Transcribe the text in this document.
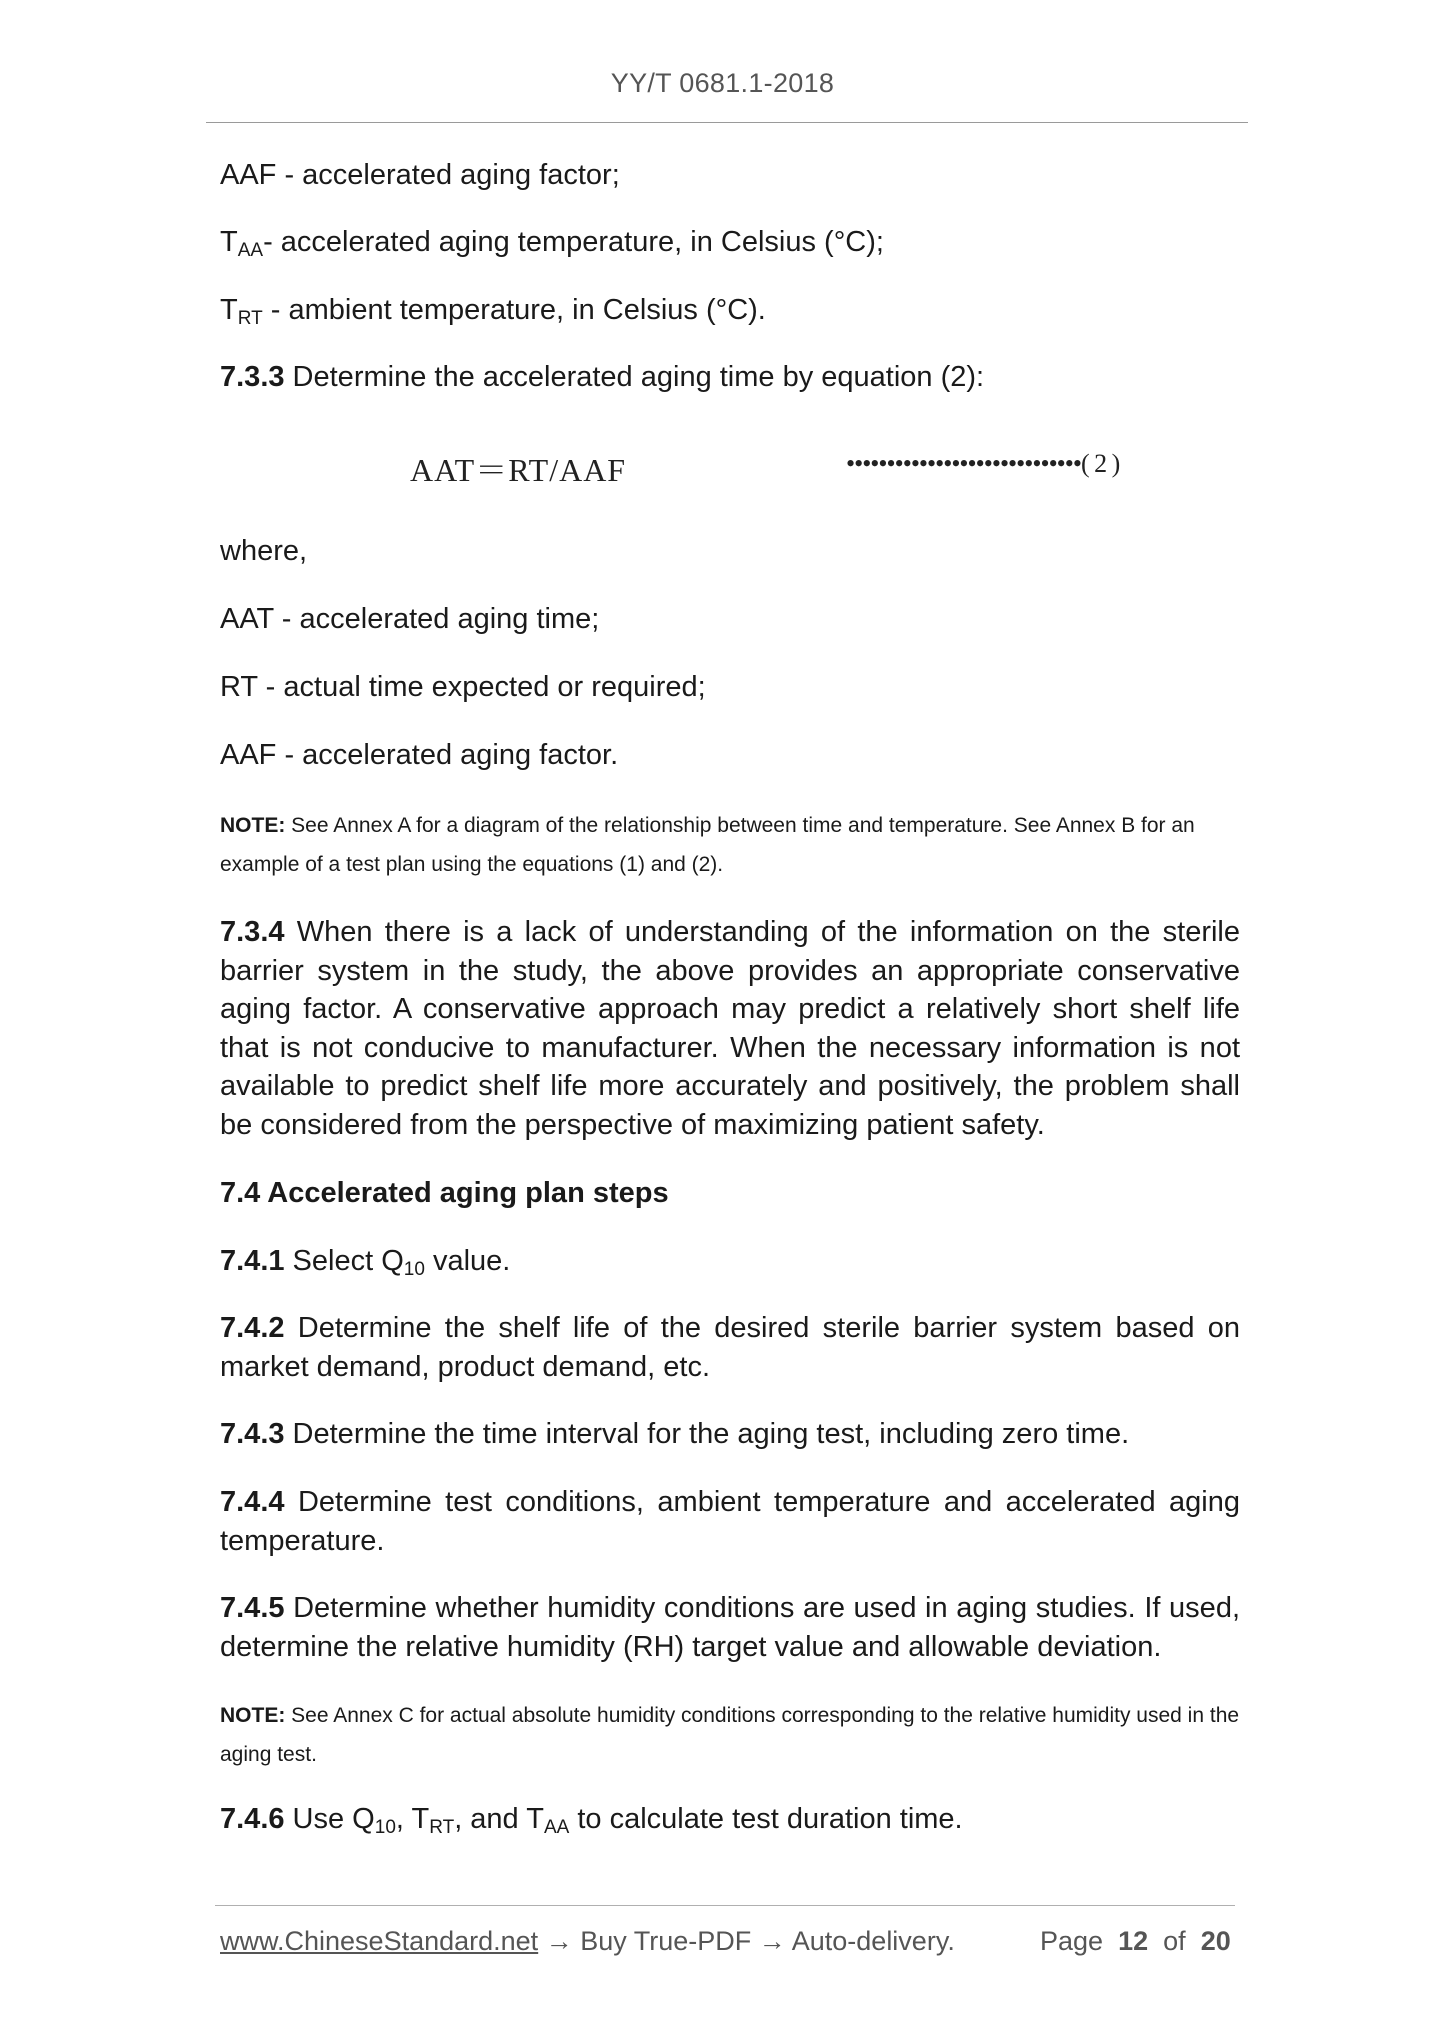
YY/T 0681.1-2018
AAF - accelerated aging factor;
$T_{AA}-$ accelerated aging temperature, in Celsius (°C);
$T_{RT}$ - ambient temperature, in Celsius (°C).
7.3.3 Determine the accelerated aging time by equation (2):
AAT＝RT/AAF	•••••••••••••••••••••••••••••( 2 )
where,
AAT - accelerated aging time;
RT - actual time expected or required;
AAF - accelerated aging factor.
NOTE: See Annex A for a diagram of the relationship between time and temperature. See Annex B for an example of a test plan using the equations (1) and (2).
7.3.4 When there is a lack of understanding of the information on the sterile barrier system in the study, the above provides an appropriate conservative aging factor. A conservative approach may predict a relatively short shelf life that is not conducive to manufacturer. When the necessary information is not available to predict shelf life more accurately and positively, the problem shall be considered from the perspective of maximizing patient safety.
7.4 Accelerated aging plan steps
7.4.1 Select $Q_{10}$ value.
7.4.2 Determine the shelf life of the desired sterile barrier system based on market demand, product demand, etc.
7.4.3 Determine the time interval for the aging test, including zero time.
7.4.4 Determine test conditions, ambient temperature and accelerated aging temperature.
7.4.5 Determine whether humidity conditions are used in aging studies. If used, determine the relative humidity (RH) target value and allowable deviation.
NOTE: See Annex C for actual absolute humidity conditions corresponding to the relative humidity used in the aging test.
7.4.6 Use $Q_{10}$, $T_{RT}$, and $T_{AA}$ to calculate test duration time.
www.ChineseStandard.net → Buy True-PDF → Auto-delivery.	Page 12 of 20
